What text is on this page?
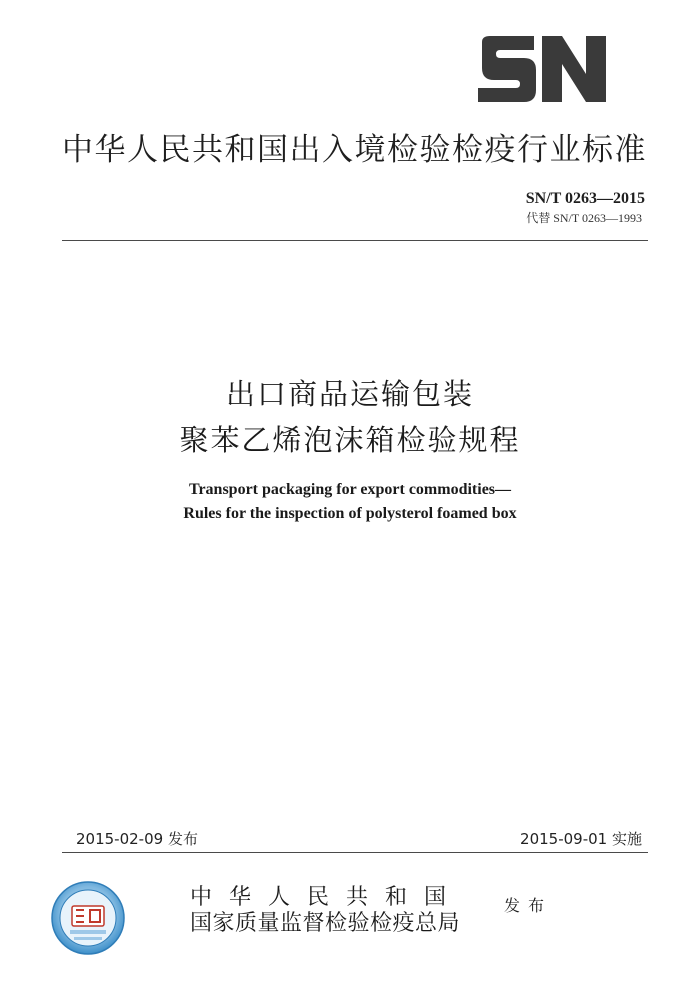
中华人民共和国出入境检验检疫行业标准
SN/T 0263—2015
代替 SN/T 0263—1993
出口商品运输包装
聚苯乙烯泡沫箱检验规程
Transport packaging for export commodities—
Rules for the inspection of polysterol foamed box
2015-02-09 发布	2015-09-01 实施
中华人民共和国
国家质量监督检验检疫总局
发布
